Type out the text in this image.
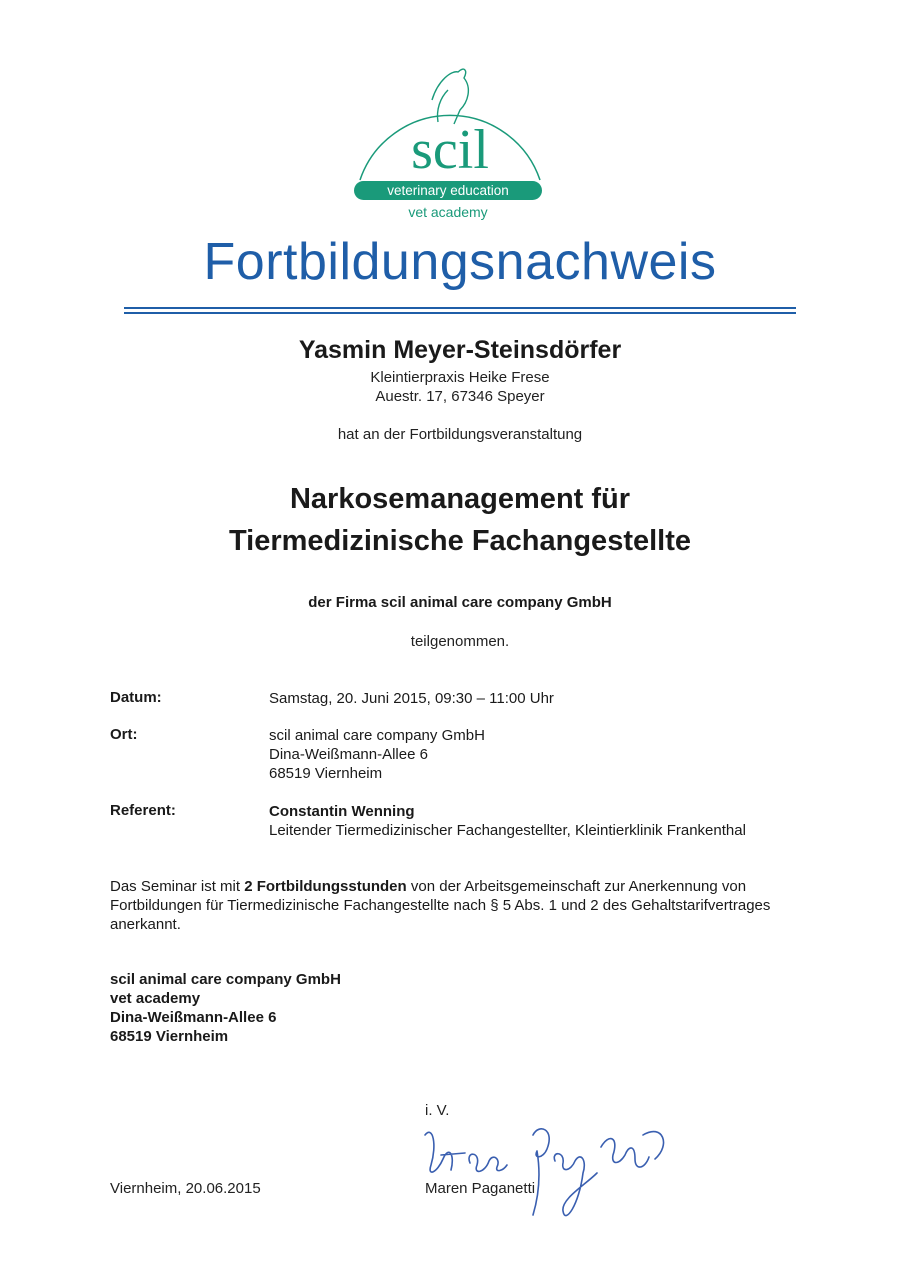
scil
veterinary education
vet academy
Fortbildungsnachweis
Yasmin Meyer-Steinsdörfer
Kleintierpraxis Heike Frese
Auestr. 17, 67346 Speyer
hat an der Fortbildungsveranstaltung
Narkosemanagement für
Tiermedizinische Fachangestellte
der Firma scil animal care company GmbH
teilgenommen.
Datum:	Samstag, 20. Juni 2015, 09:30 – 11:00 Uhr
Ort:	scil animal care company GmbH
Dina-Weißmann-Allee 6
68519 Viernheim
Referent:	Constantin Wenning
Leitender Tiermedizinischer Fachangestellter, Kleintierklinik Frankenthal
Das Seminar ist mit 2 Fortbildungsstunden von der Arbeitsgemeinschaft zur Anerkennung von Fortbildungen für Tiermedizinische Fachangestellte nach § 5 Abs. 1 und 2 des Gehaltstarifvertrages anerkannt.
scil animal care company GmbH
vet academy
Dina-Weißmann-Allee 6
68519 Viernheim
i. V.
Viernheim, 20.06.2015	Maren Paganetti
